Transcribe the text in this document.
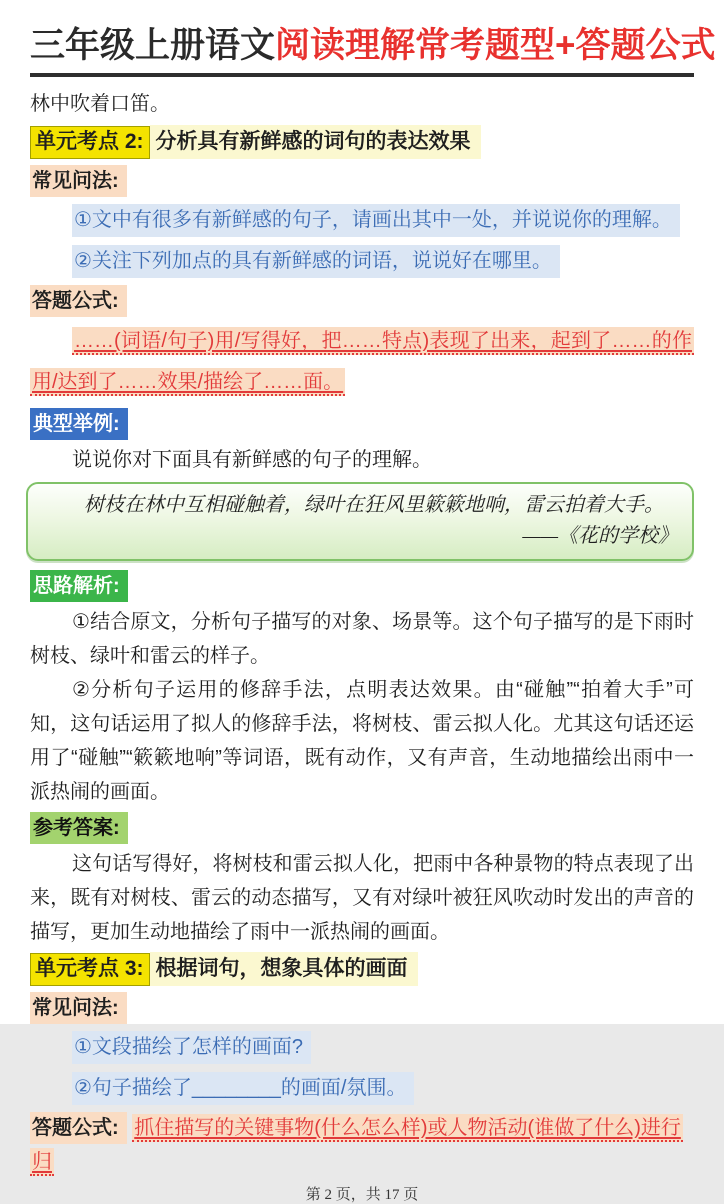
三年级上册语文阅读理解常考题型+答题公式
林中吹着口笛。
单元考点 2: 分析具有新鲜感的词句的表达效果
常见问法:
①文中有很多有新鲜感的句子，请画出其中一处，并说说你的理解。
②关注下列加点的具有新鲜感的词语，说说好在哪里。
答题公式:

……(词语/句子)用/写得好，把……特点)表现了出来，起到了……的作用/达到了……效果/描绘了……面。

典型举例:

说说你对下面具有新鲜感的句子的理解。

树枝在林中互相碰触着，绿叶在狂风里簌簌地响，雷云拍着大手。

——《花的学校》

思路解析:

①结合原文，分析句子描写的对象、场景等。这个句子描写的是下雨时树枝、绿叶和雷云的样子。

②分析句子运用的修辞手法，点明表达效果。由“碰触”“拍着大手”可知，这句话运用了拟人的修辞手法，将树枝、雷云拟人化。尤其这句话还运用了“碰触”“簌簌地响”等词语，既有动作，又有声音，生动地描绘出雨中一派热闹的画面。

参考答案:

这句话写得好，将树枝和雷云拟人化，把雨中各种景物的特点表现了出来，既有对树枝、雷云的动态描写，又有对绿叶被狂风吹动时发出的声音的描写，更加生动地描绘了雨中一派热闹的画面。

单元考点 3: 根据词句，想象具体的画面
常见问法:
①文段描绘了怎样的画面?
②句子描绘了________的画面/氛围。
答题公式: 抓住描写的关键事物(什么怎么样)或人物活动(谁做了什么)进行归
第 2 页，共 17 页
